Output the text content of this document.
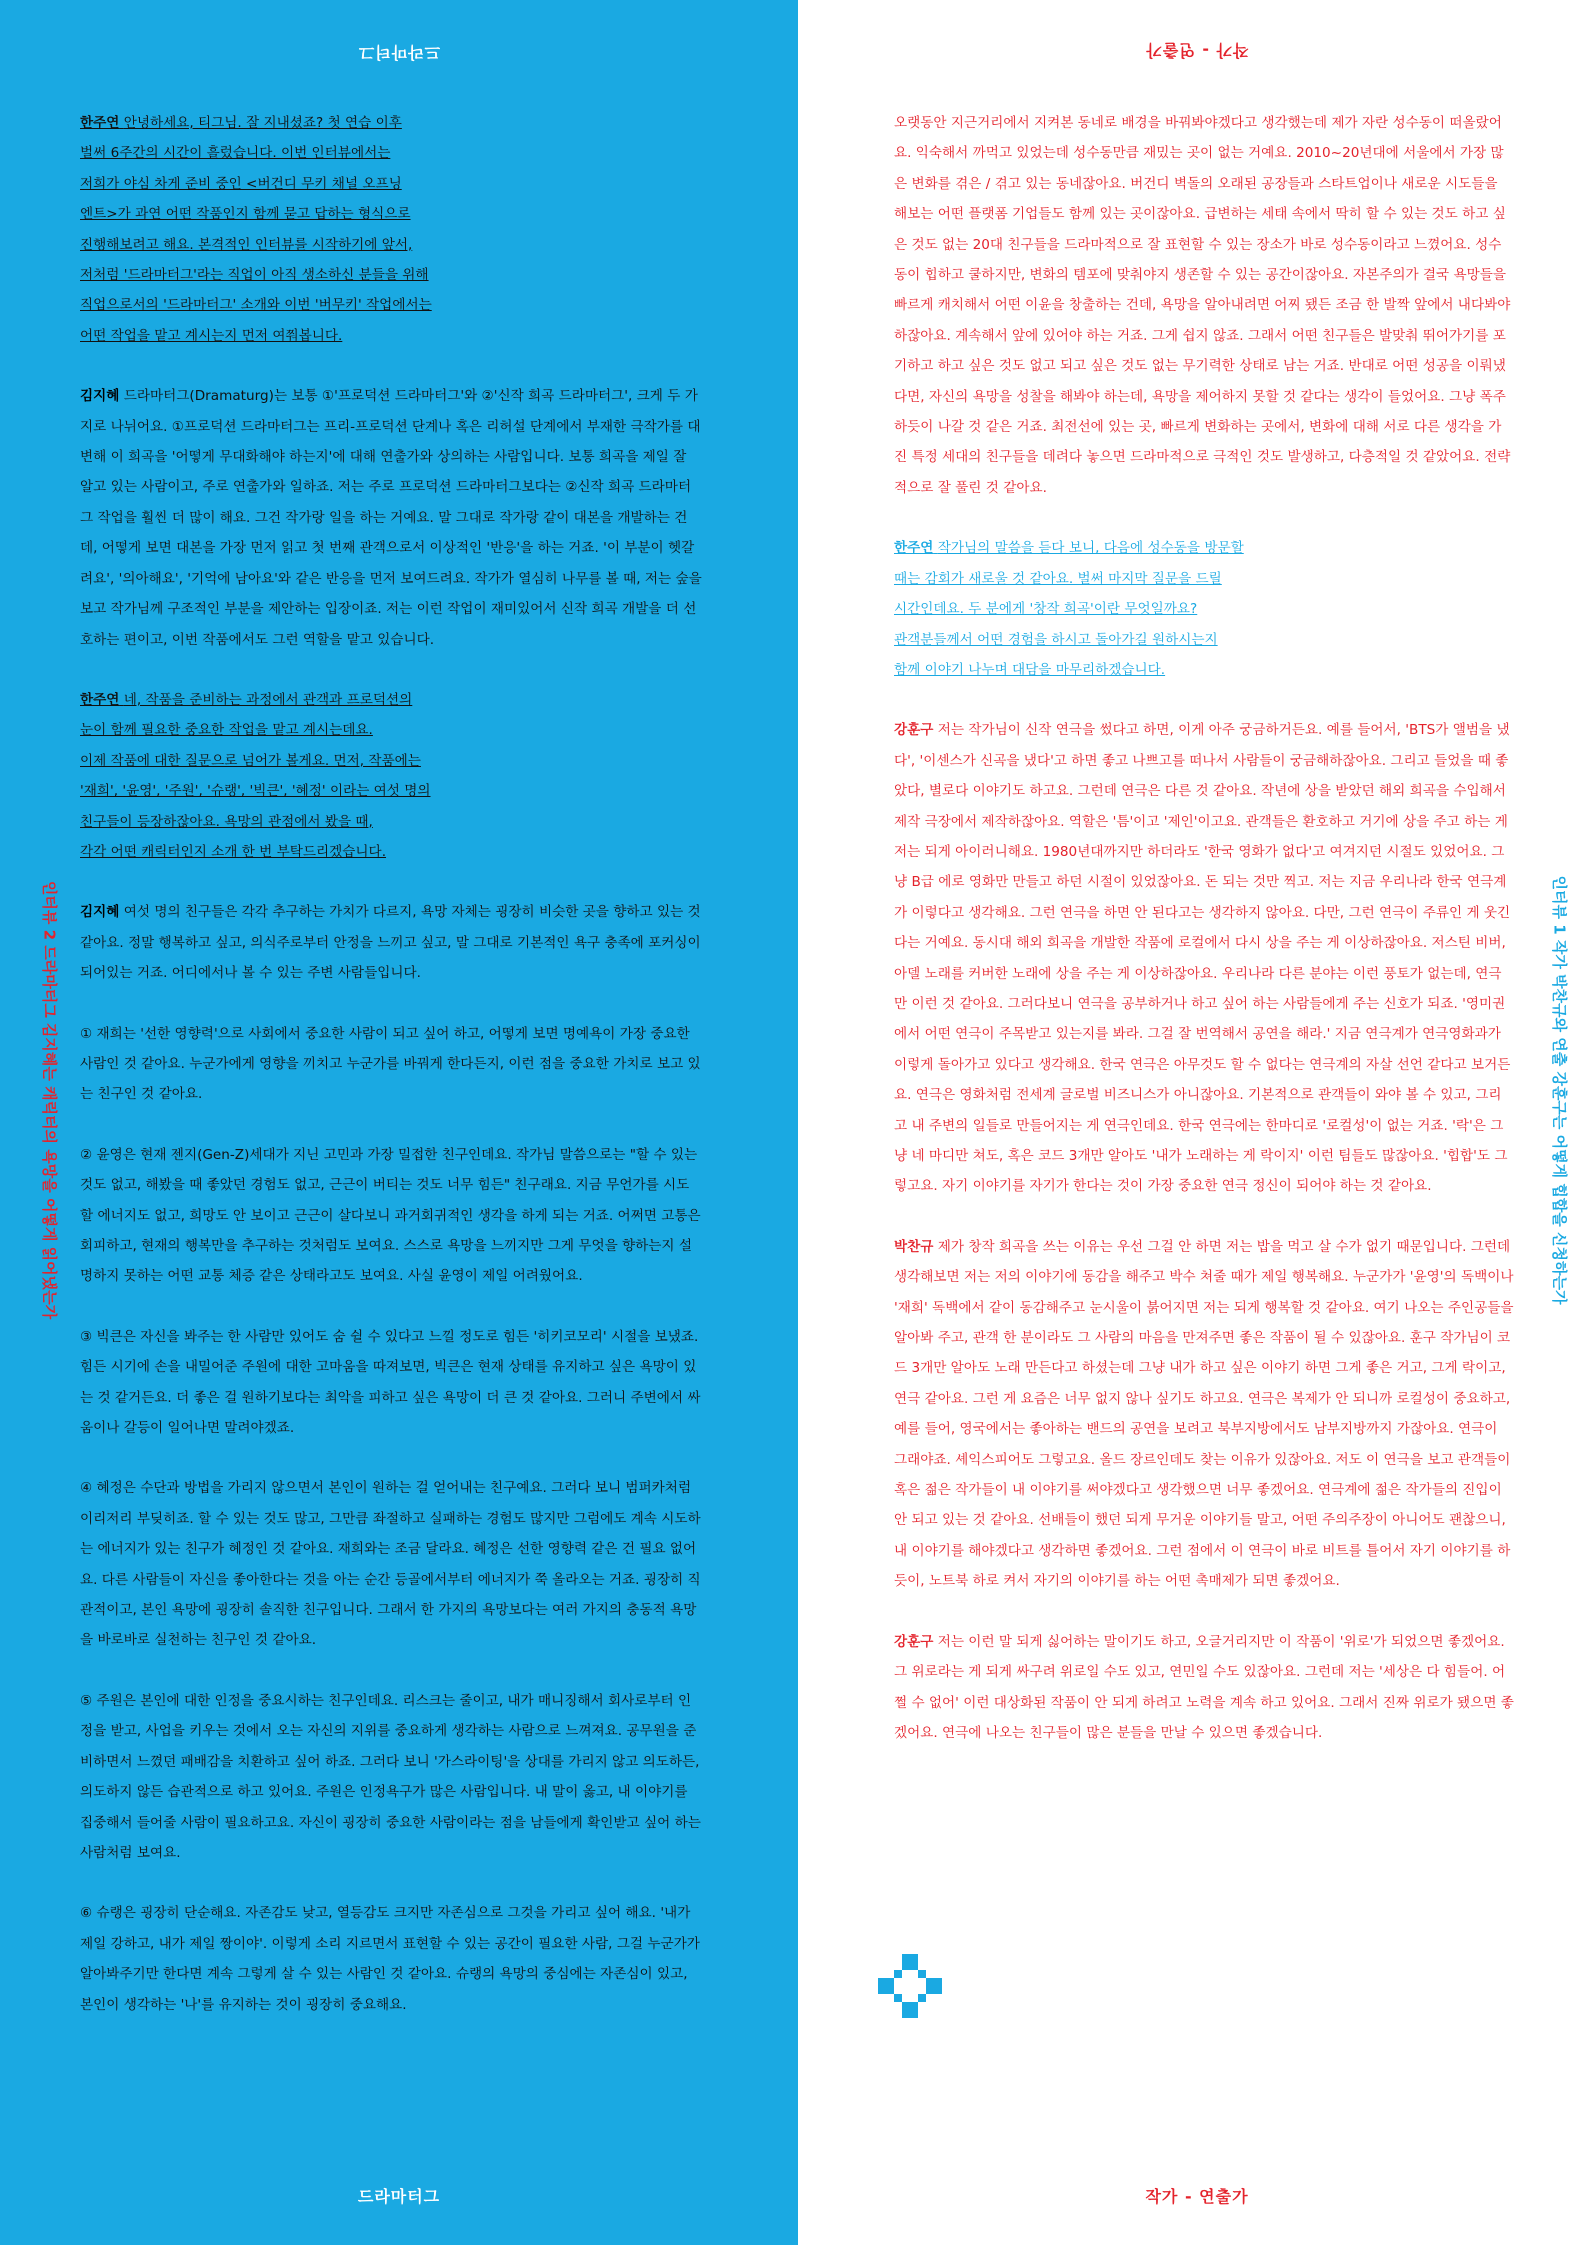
드라마터그	작가 - 연출가
드라마터그	작가 - 연출가
인터뷰 2 드라마터그 김지혜는 캐릭터의 욕망을 어떻게 읽어냈는가	인터뷰 1 작가 박찬규와 연출 강훈구는 어떻게 힙합을 신청하는가
한주연 안녕하세요, 티그님. 잘 지내셨죠? 첫 연습 이후
벌써 6주간의 시간이 흘렀습니다. 이번 인터뷰에서는
저희가 야심 차게 준비 중인 <버건디 무키 채널 오프닝
엔트>가 과연 어떤 작품인지 함께 묻고 답하는 형식으로
진행해보려고 해요. 본격적인 인터뷰를 시작하기에 앞서,
저처럼 '드라마터그'라는 직업이 아직 생소하신 분들을 위해
직업으로서의 '드라마터그' 소개와 이번 '버무키' 작업에서는
어떤 작업을 맡고 계시는지 먼저 여쭤봅니다.
김지혜 드라마터그(Dramaturg)는 보통 ①'프로덕션 드라마터그'와 ②'신작 희곡 드라마터그', 크게 두 가지로 나뉘어요. ①프로덕션 드라마터그는 프리-프로덕션 단계나 혹은 리허설 단계에서 부재한 극작가를 대변해 이 희곡을 '어떻게 무대화해야 하는지'에 대해 연출가와 상의하는 사람입니다. 보통 희곡을 제일 잘 알고 있는 사람이고, 주로 연출가와 일하죠. 저는 주로 프로덕션 드라마터그보다는 ②신작 희곡 드라마터그 작업을 훨씬 더 많이 해요. 그건 작가랑 일을 하는 거예요. 말 그대로 작가랑 같이 대본을 개발하는 건데, 어떻게 보면 대본을 가장 먼저 읽고 첫 번째 관객으로서 이상적인 '반응'을 하는 거죠. '이 부분이 헷갈려요', '의아해요', '기억에 남아요'와 같은 반응을 먼저 보여드려요. 작가가 열심히 나무를 볼 때, 저는 숲을 보고 작가님께 구조적인 부분을 제안하는 입장이죠. 저는 이런 작업이 재미있어서 신작 희곡 개발을 더 선호하는 편이고, 이번 작품에서도 그런 역할을 맡고 있습니다.
한주연 네, 작품을 준비하는 과정에서 관객과 프로덕션의
눈이 함께 필요한 중요한 작업을 맡고 계시는데요.
이제 작품에 대한 질문으로 넘어가 볼게요. 먼저, 작품에는
'재희', '윤영', '주원', '슈랭', '빅큰', '혜정' 이라는 여섯 명의
친구들이 등장하잖아요. 욕망의 관점에서 봤을 때,
각각 어떤 캐릭터인지 소개 한 번 부탁드리겠습니다.
김지혜 여섯 명의 친구들은 각각 추구하는 가치가 다르지, 욕망 자체는 굉장히 비슷한 곳을 향하고 있는 것 같아요. 정말 행복하고 싶고, 의식주로부터 안정을 느끼고 싶고, 말 그대로 기본적인 욕구 충족에 포커싱이 되어있는 거죠. 어디에서나 볼 수 있는 주변 사람들입니다.
① 재희는 '선한 영향력'으로 사회에서 중요한 사람이 되고 싶어 하고, 어떻게 보면 명예욕이 가장 중요한 사람인 것 같아요. 누군가에게 영향을 끼치고 누군가를 바꿔게 한다든지, 이런 점을 중요한 가치로 보고 있는 친구인 것 같아요.
② 윤영은 현재 젠지(Gen-Z)세대가 지닌 고민과 가장 밀접한 친구인데요. 작가님 말씀으로는 "할 수 있는 것도 없고, 해봤을 때 좋았던 경험도 없고, 근근이 버티는 것도 너무 힘든" 친구래요. 지금 무언가를 시도할 에너지도 없고, 희망도 안 보이고 근근이 살다보니 과거회귀적인 생각을 하게 되는 거죠. 어쩌면 고통은 회피하고, 현재의 행복만을 추구하는 것처럼도 보여요. 스스로 욕망을 느끼지만 그게 무엇을 향하는지 설명하지 못하는 어떤 교통 체증 같은 상태라고도 보여요. 사실 윤영이 제일 어려웠어요.
③ 빅큰은 자신을 봐주는 한 사람만 있어도 숨 쉴 수 있다고 느낄 정도로 힘든 '히키코모리' 시절을 보냈죠. 힘든 시기에 손을 내밀어준 주원에 대한 고마움을 따져보면, 빅큰은 현재 상태를 유지하고 싶은 욕망이 있는 것 같거든요. 더 좋은 걸 원하기보다는 최악을 피하고 싶은 욕망이 더 큰 것 같아요. 그러니 주변에서 싸움이나 갈등이 일어나면 말려야겠죠.
④ 혜정은 수단과 방법을 가리지 않으면서 본인이 원하는 걸 얻어내는 친구예요. 그러다 보니 범퍼카처럼 이리저리 부딪히죠. 할 수 있는 것도 많고, 그만큼 좌절하고 실패하는 경험도 많지만 그럼에도 계속 시도하는 에너지가 있는 친구가 혜정인 것 같아요. 재희와는 조금 달라요. 혜정은 선한 영향력 같은 건 필요 없어요. 다른 사람들이 자신을 좋아한다는 것을 아는 순간 등골에서부터 에너지가 쭉 올라오는 거죠. 굉장히 직관적이고, 본인 욕망에 굉장히 솔직한 친구입니다. 그래서 한 가지의 욕망보다는 여러 가지의 충동적 욕망을 바로바로 실천하는 친구인 것 같아요.
⑤ 주원은 본인에 대한 인정을 중요시하는 친구인데요. 리스크는 줄이고, 내가 매니징해서 회사로부터 인정을 받고, 사업을 키우는 것에서 오는 자신의 지위를 중요하게 생각하는 사람으로 느껴져요. 공무원을 준비하면서 느꼈던 패배감을 치환하고 싶어 하죠. 그러다 보니 '가스라이팅'을 상대를 가리지 않고 의도하든, 의도하지 않든 습관적으로 하고 있어요. 주원은 인정욕구가 많은 사람입니다. 내 말이 옳고, 내 이야기를 집중해서 들어줄 사람이 필요하고요. 자신이 굉장히 중요한 사람이라는 점을 남들에게 확인받고 싶어 하는 사람처럼 보여요.
⑥ 슈랭은 굉장히 단순해요. 자존감도 낮고, 열등감도 크지만 자존심으로 그것을 가리고 싶어 해요. '내가 제일 강하고, 내가 제일 짱이야'. 이렇게 소리 지르면서 표현할 수 있는 공간이 필요한 사람, 그걸 누군가가 알아봐주기만 한다면 계속 그렇게 살 수 있는 사람인 것 같아요. 슈랭의 욕망의 중심에는 자존심이 있고, 본인이 생각하는 '나'를 유지하는 것이 굉장히 중요해요.
오랫동안 지근거리에서 지켜본 동네로 배경을 바꿔봐야겠다고 생각했는데 제가 자란 성수동이 떠올랐어요. 익숙해서 까먹고 있었는데 성수동만큼 재밌는 곳이 없는 거예요. 2010~20년대에 서울에서 가장 많은 변화를 겪은 / 겪고 있는 동네잖아요. 버건디 벽돌의 오래된 공장들과 스타트업이나 새로운 시도들을 해보는 어떤 플랫폼 기업들도 함께 있는 곳이잖아요. 급변하는 세태 속에서 딱히 할 수 있는 것도 하고 싶은 것도 없는 20대 친구들을 드라마적으로 잘 표현할 수 있는 장소가 바로 성수동이라고 느꼈어요. 성수동이 힙하고 쿨하지만, 변화의 템포에 맞춰야지 생존할 수 있는 공간이잖아요. 자본주의가 결국 욕망들을 빠르게 캐치해서 어떤 이윤을 창출하는 건데, 욕망을 알아내려면 어찌 됐든 조금 한 발짝 앞에서 내다봐야 하잖아요. 계속해서 앞에 있어야 하는 거죠. 그게 쉽지 않죠. 그래서 어떤 친구들은 발맞춰 뛰어가기를 포기하고 하고 싶은 것도 없고 되고 싶은 것도 없는 무기력한 상태로 남는 거죠. 반대로 어떤 성공을 이뤄냈다면, 자신의 욕망을 성찰을 해봐야 하는데, 욕망을 제어하지 못할 것 같다는 생각이 들었어요. 그냥 폭주하듯이 나갈 것 같은 거죠. 최전선에 있는 곳, 빠르게 변화하는 곳에서, 변화에 대해 서로 다른 생각을 가진 특정 세대의 친구들을 데려다 놓으면 드라마적으로 극적인 것도 발생하고, 다층적일 것 같았어요. 전략적으로 잘 풀린 것 같아요.
한주연 작가님의 말씀을 듣다 보니, 다음에 성수동을 방문할
때는 감회가 새로울 것 같아요. 벌써 마지막 질문을 드릴
시간인데요. 두 분에게 '창작 희곡'이란 무엇일까요?
관객분들께서 어떤 경험을 하시고 돌아가길 원하시는지
함께 이야기 나누며 대담을 마무리하겠습니다.
강훈구 저는 작가님이 신작 연극을 썼다고 하면, 이게 아주 궁금하거든요. 예를 들어서, 'BTS가 앨범을 냈다', '이센스가 신곡을 냈다'고 하면 좋고 나쁘고를 떠나서 사람들이 궁금해하잖아요. 그리고 들었을 때 좋았다, 별로다 이야기도 하고요. 그런데 연극은 다른 것 같아요. 작년에 상을 받았던 해외 희곡을 수입해서 제작 극장에서 제작하잖아요. 역할은 '틈'이고 '제인'이고요. 관객들은 환호하고 거기에 상을 주고 하는 게 저는 되게 아이러니해요. 1980년대까지만 하더라도 '한국 영화가 없다'고 여겨지던 시절도 있었어요. 그냥 B급 에로 영화만 만들고 하던 시절이 있었잖아요. 돈 되는 것만 찍고. 저는 지금 우리나라 한국 연극계가 이렇다고 생각해요. 그런 연극을 하면 안 된다고는 생각하지 않아요. 다만, 그런 연극이 주류인 게 웃긴다는 거예요. 동시대 해외 희곡을 개발한 작품에 로컬에서 다시 상을 주는 게 이상하잖아요. 저스틴 비버, 아델 노래를 커버한 노래에 상을 주는 게 이상하잖아요. 우리나라 다른 분야는 이런 풍토가 없는데, 연극만 이런 것 같아요. 그러다보니 연극을 공부하거나 하고 싶어 하는 사람들에게 주는 신호가 되죠. '영미권에서 어떤 연극이 주목받고 있는지를 봐라. 그걸 잘 번역해서 공연을 해라.' 지금 연극계가 연극영화과가 이렇게 돌아가고 있다고 생각해요. 한국 연극은 아무것도 할 수 없다는 연극계의 자살 선언 같다고 보거든요. 연극은 영화처럼 전세계 글로벌 비즈니스가 아니잖아요. 기본적으로 관객들이 와야 볼 수 있고, 그리고 내 주변의 일들로 만들어지는 게 연극인데요. 한국 연극에는 한마디로 '로컬성'이 없는 거죠. '락'은 그냥 네 마디만 쳐도, 혹은 코드 3개만 알아도 '내가 노래하는 게 락이지' 이런 팀들도 많잖아요. '힙합'도 그렇고요. 자기 이야기를 자기가 한다는 것이 가장 중요한 연극 정신이 되어야 하는 것 같아요.
박찬규 제가 창작 희곡을 쓰는 이유는 우선 그걸 안 하면 저는 밥을 먹고 살 수가 없기 때문입니다. 그런데 생각해보면 저는 저의 이야기에 동감을 해주고 박수 쳐줄 때가 제일 행복해요. 누군가가 '윤영'의 독백이나 '재희' 독백에서 같이 동감해주고 눈시울이 붉어지면 저는 되게 행복할 것 같아요. 여기 나오는 주인공들을 알아봐 주고, 관객 한 분이라도 그 사람의 마음을 만져주면 좋은 작품이 될 수 있잖아요. 훈구 작가님이 코드 3개만 알아도 노래 만든다고 하셨는데 그냥 내가 하고 싶은 이야기 하면 그게 좋은 거고, 그게 락이고, 연극 같아요. 그런 게 요즘은 너무 없지 않나 싶기도 하고요. 연극은 복제가 안 되니까 로컬성이 중요하고, 예를 들어, 영국에서는 좋아하는 밴드의 공연을 보려고 북부지방에서도 남부지방까지 가잖아요. 연극이 그래야죠. 셰익스피어도 그렇고요. 올드 장르인데도 찾는 이유가 있잖아요. 저도 이 연극을 보고 관객들이 혹은 젊은 작가들이 내 이야기를 써야겠다고 생각했으면 너무 좋겠어요. 연극계에 젊은 작가들의 진입이 안 되고 있는 것 같아요. 선배들이 했던 되게 무거운 이야기들 말고, 어떤 주의주장이 아니어도 괜찮으니, 내 이야기를 해야겠다고 생각하면 좋겠어요. 그런 점에서 이 연극이 바로 비트를 틀어서 자기 이야기를 하듯이, 노트북 하로 켜서 자기의 이야기를 하는 어떤 촉매제가 되면 좋겠어요.
강훈구 저는 이런 말 되게 싫어하는 말이기도 하고, 오글거리지만 이 작품이 '위로'가 되었으면 좋겠어요. 그 위로라는 게 되게 싸구려 위로일 수도 있고, 연민일 수도 있잖아요. 그런데 저는 '세상은 다 힘들어. 어쩔 수 없어' 이런 대상화된 작품이 안 되게 하려고 노력을 계속 하고 있어요. 그래서 진짜 위로가 됐으면 좋겠어요. 연극에 나오는 친구들이 많은 분들을 만날 수 있으면 좋겠습니다.
